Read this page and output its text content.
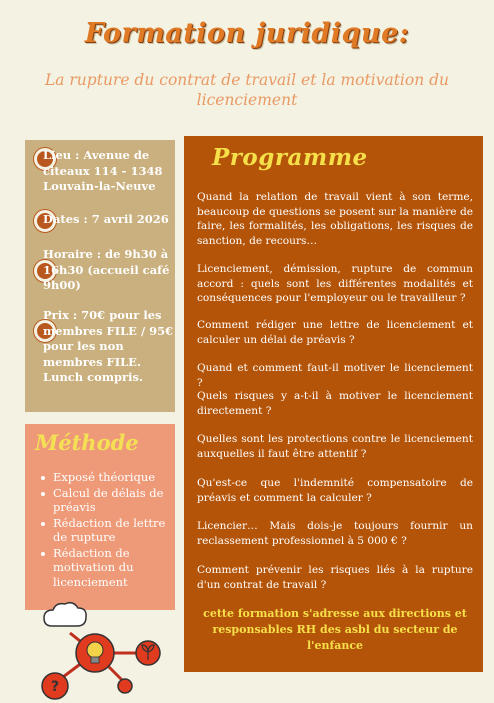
Formation juridique:
La rupture du contrat de travail et la motivation du licenciement
Lieu : Avenue de citeaux 114 - 1348 Louvain-la-Neuve
Dates : 7 avril 2026
Horaire : de 9h30 à 16h30 (accueil café 9h00)
Prix : 70€ pour les membres FILE / 95€ pour les non membres FILE. Lunch compris.
Méthode
Exposé théorique
Calcul de délais de préavis
Rédaction de lettre de rupture
Rédaction de motivation du licenciement
?
Programme
Quand la relation de travail vient à son terme, beaucoup de questions se posent sur la manière de faire, les formalités, les obligations, les risques de sanction, de recours…
Licenciement, démission, rupture de commun accord : quels sont les différentes modalités et conséquences pour l'employeur ou le travailleur ?
Comment rédiger une lettre de licenciement et calculer un délai de préavis ?
Quand et comment faut-il motiver le licenciement ?
Quels risques y a-t-il à motiver le licenciement directement ?
Quelles sont les protections contre le licenciement auxquelles il faut être attentif ?
Qu'est-ce que l'indemnité compensatoire de préavis et comment la calculer ?
Licencier… Mais dois-je toujours fournir un reclassement professionnel à 5 000 € ?
Comment prévenir les risques liés à la rupture d'un contrat de travail ?
cette formation s'adresse aux directions et responsables RH des asbl du secteur de l'enfance
